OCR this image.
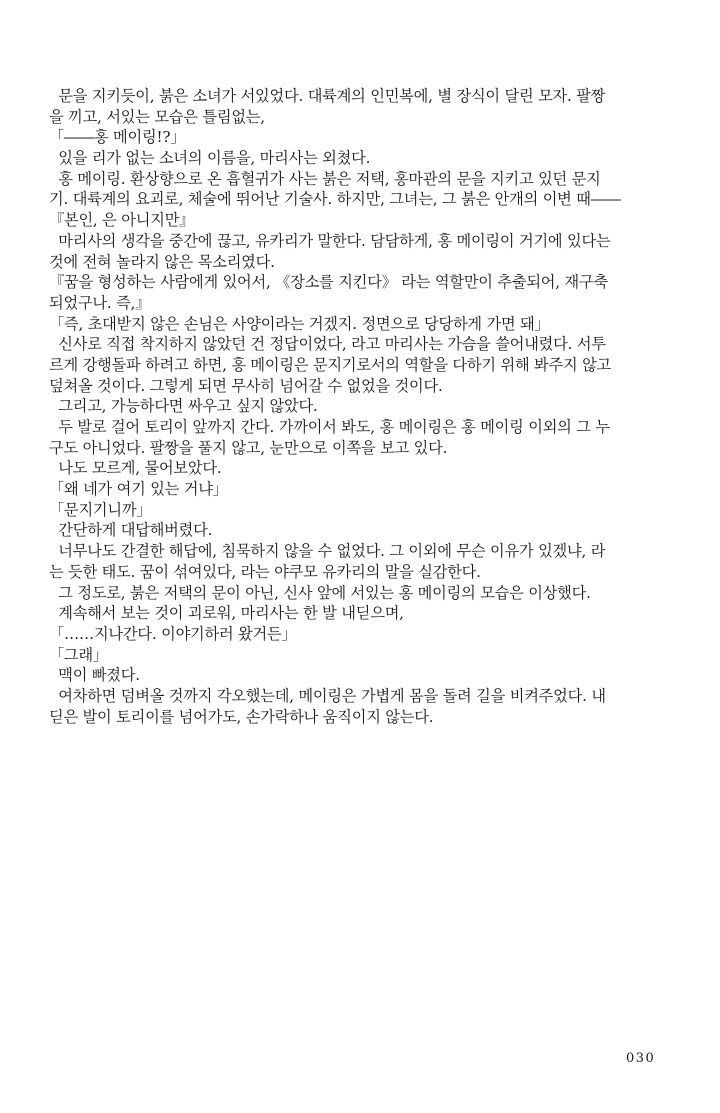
문을 지키듯이, 붉은 소녀가 서있었다. 대륙계의 인민복에, 별 장식이 달린 모자. 팔짱
을 끼고, 서있는 모습은 틀림없는,
「――홍 메이링!?」
있을 리가 없는 소녀의 이름을, 마리사는 외쳤다.
홍 메이링. 환상향으로 온 흡혈귀가 사는 붉은 저택, 홍마관의 문을 지키고 있던 문지
기. 대륙계의 요괴로, 체술에 뛰어난 기술사. 하지만, 그녀는, 그 붉은 안개의 이변 때――
『본인, 은 아니지만』
마리사의 생각을 중간에 끊고, 유카리가 말한다. 담담하게, 홍 메이링이 거기에 있다는
것에 전혀 놀라지 않은 목소리였다.
『꿈을 형성하는 사람에게 있어서, 《장소를 지킨다》 라는 역할만이 추출되어, 재구축
되었구나. 즉,』
「즉, 초대받지 않은 손님은 사양이라는 거겠지. 정면으로 당당하게 가면 돼」
신사로 직접 착지하지 않았던 건 정답이었다, 라고 마리사는 가슴을 쓸어내렸다. 서투
르게 강행돌파 하려고 하면, 홍 메이링은 문지기로서의 역할을 다하기 위해 봐주지 않고
덮쳐올 것이다. 그렇게 되면 무사히 넘어갈 수 없었을 것이다.
그리고, 가능하다면 싸우고 싶지 않았다.
두 발로 걸어 토리이 앞까지 간다. 가까이서 봐도, 홍 메이링은 홍 메이링 이외의 그 누
구도 아니었다. 팔짱을 풀지 않고, 눈만으로 이쪽을 보고 있다.
나도 모르게, 물어보았다.
「왜 네가 여기 있는 거냐」
「문지기니까」
간단하게 대답해버렸다.
너무나도 간결한 해답에, 침묵하지 않을 수 없었다. 그 이외에 무슨 이유가 있겠냐, 라
는 듯한 태도. 꿈이 섞여있다, 라는 야쿠모 유카리의 말을 실감한다.
그 정도로, 붉은 저택의 문이 아닌, 신사 앞에 서있는 홍 메이링의 모습은 이상했다.
계속해서 보는 것이 괴로워, 마리사는 한 발 내딛으며,
「……지나간다. 이야기하러 왔거든」
「그래」
맥이 빠졌다.
여차하면 덤벼올 것까지 각오했는데, 메이링은 가볍게 몸을 돌려 길을 비켜주었다. 내
딛은 발이 토리이를 넘어가도, 손가락하나 움직이지 않는다.
030
